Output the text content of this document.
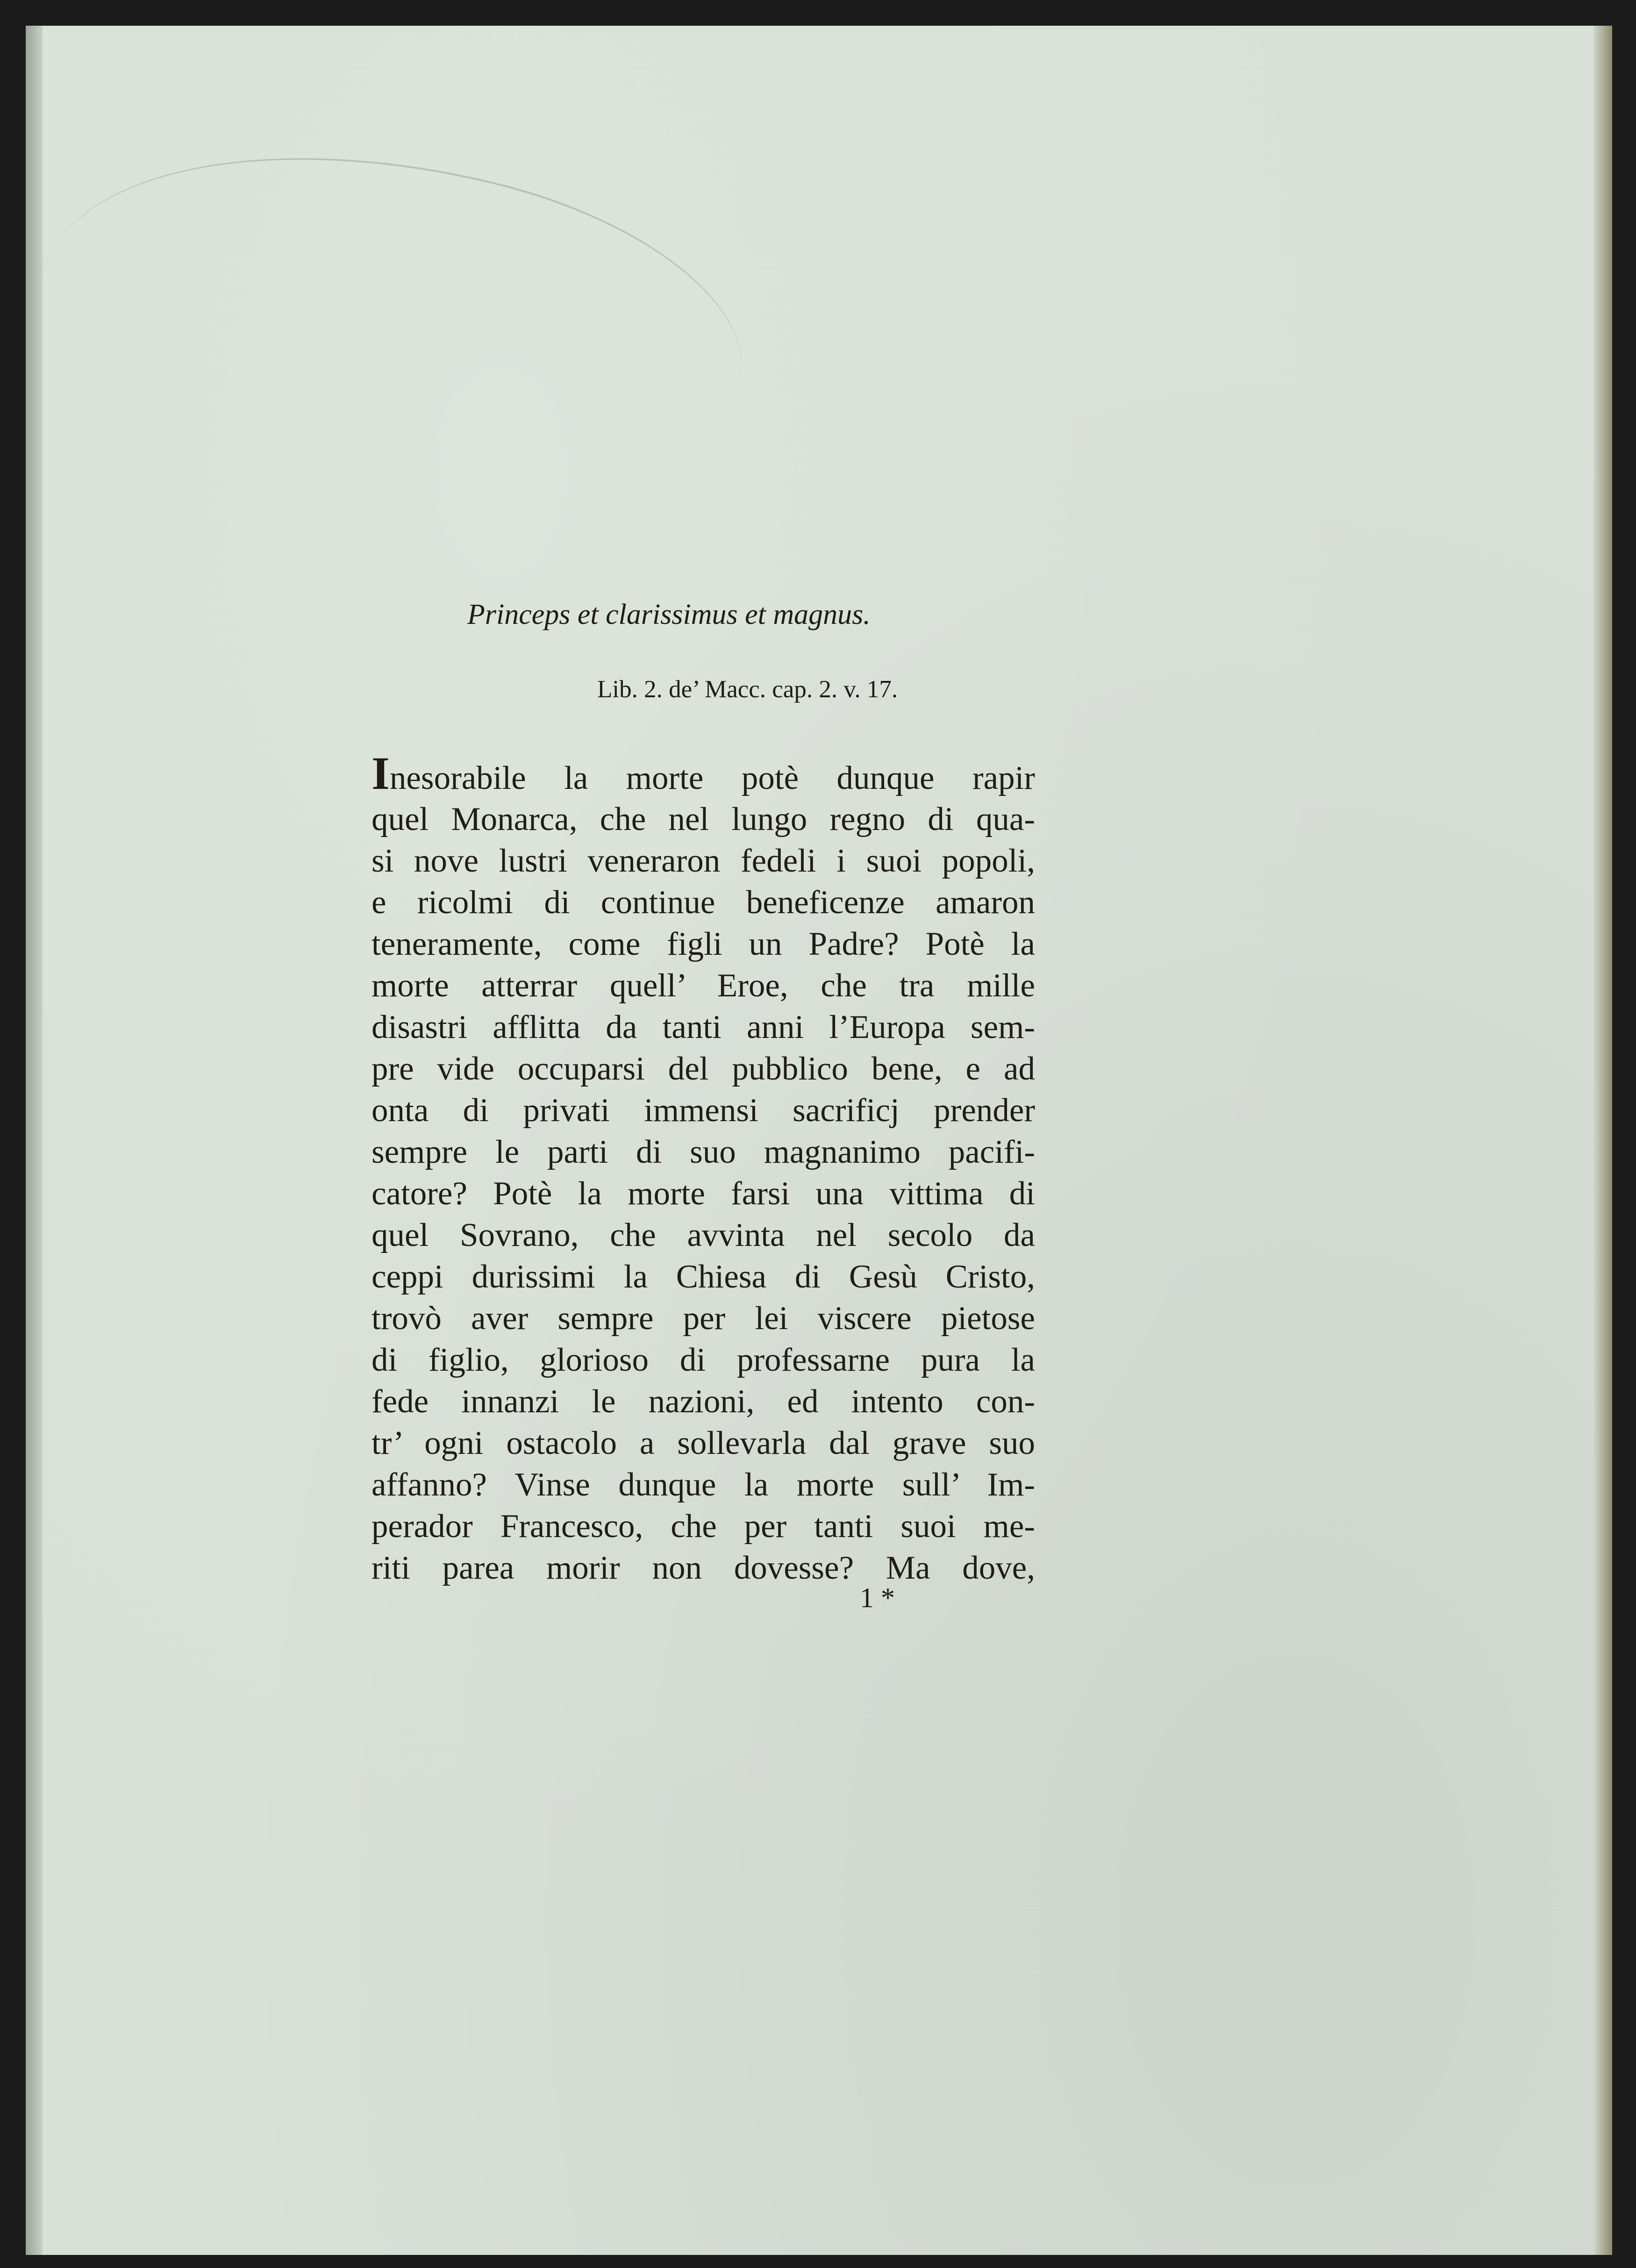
Princeps et clarissimus et magnus.
Lib. 2. de’ Macc. cap. 2. v. 17.
Inesorabile la morte potè dunque rapir
quel Monarca, che nel lungo regno di qua-
si nove lustri veneraron fedeli i suoi popoli,
e ricolmi di continue beneficenze amaron
teneramente, come figli un Padre? Potè la
morte atterrar quell’ Eroe, che tra mille
disastri afflitta da tanti anni l’Europa sem-
pre vide occuparsi del pubblico bene, e ad
onta di privati immensi sacrificj prender
sempre le parti di suo magnanimo pacifi-
catore? Potè la morte farsi una vittima di
quel Sovrano, che avvinta nel secolo da
ceppi durissimi la Chiesa di Gesù Cristo,
trovò aver sempre per lei viscere pietose
di figlio, glorioso di professarne pura la
fede innanzi le nazioni, ed intento con-
tr’ ogni ostacolo a sollevarla dal grave suo
affanno? Vinse dunque la morte sull’ Im-
perador Francesco, che per tanti suoi me-
riti parea morir non dovesse? Ma dove,
1 *
